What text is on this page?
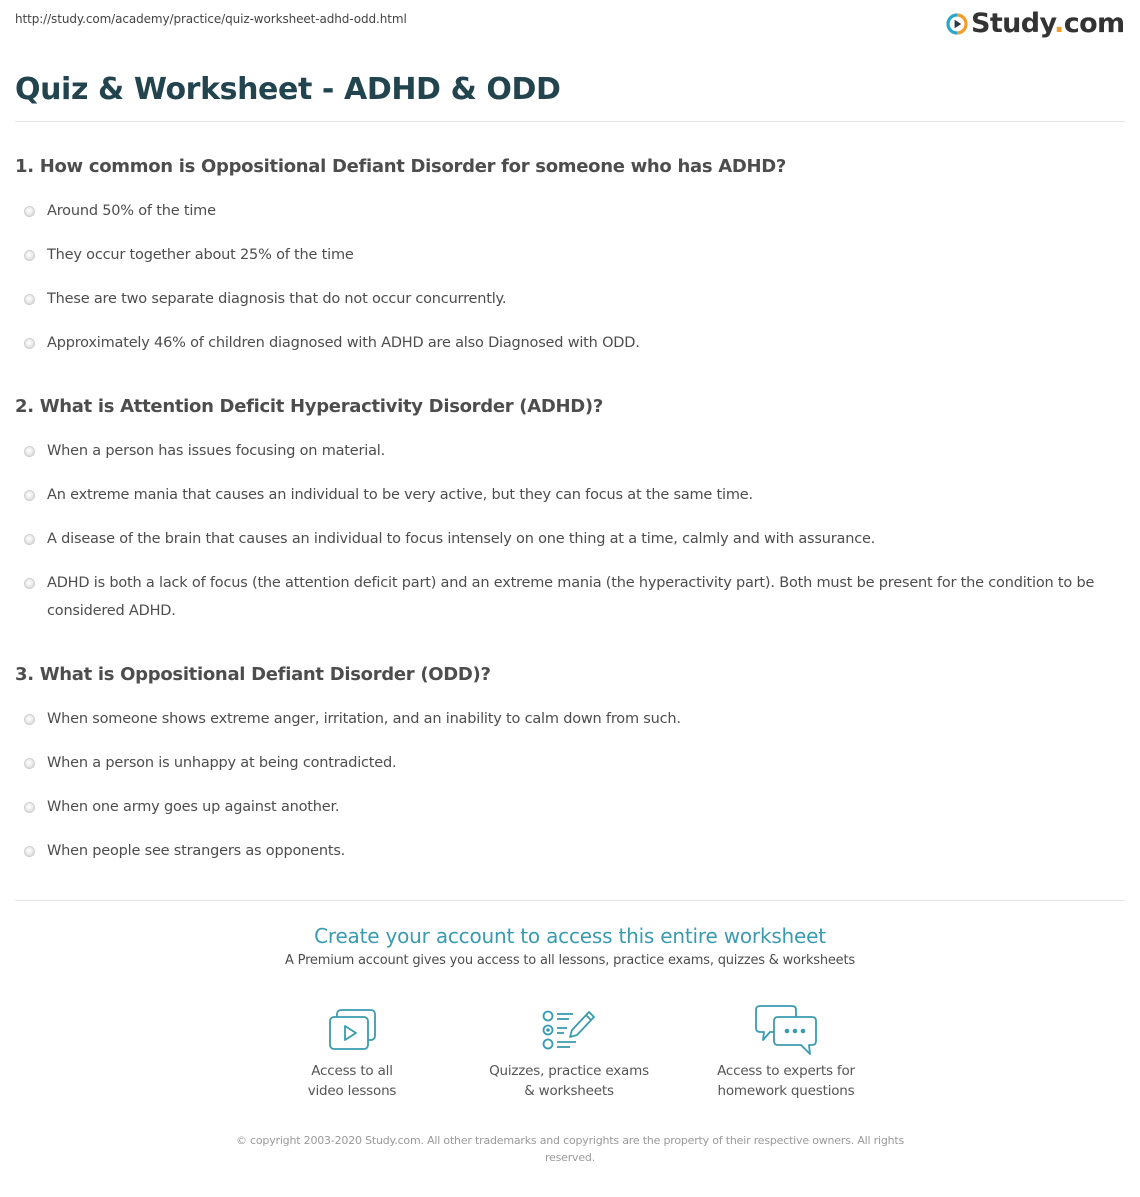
http://study.com/academy/practice/quiz-worksheet-adhd-odd.html	Study.com
Quiz & Worksheet - ADHD & ODD
1. How common is Oppositional Defiant Disorder for someone who has ADHD?
Around 50% of the time
They occur together about 25% of the time
These are two separate diagnosis that do not occur concurrently.
Approximately 46% of children diagnosed with ADHD are also Diagnosed with ODD.
2. What is Attention Deficit Hyperactivity Disorder (ADHD)?
When a person has issues focusing on material.
An extreme mania that causes an individual to be very active, but they can focus at the same time.
A disease of the brain that causes an individual to focus intensely on one thing at a time, calmly and with assurance.
ADHD is both a lack of focus (the attention deficit part) and an extreme mania (the hyperactivity part). Both must be present for the condition to be considered ADHD.
3. What is Oppositional Defiant Disorder (ODD)?
When someone shows extreme anger, irritation, and an inability to calm down from such.
When a person is unhappy at being contradicted.
When one army goes up against another.
When people see strangers as opponents.
Create your account to access this entire worksheet
A Premium account gives you access to all lessons, practice exams, quizzes & worksheets
Access to all
video lessons
Quizzes, practice exams
& worksheets
Access to experts for
homework questions
© copyright 2003-2020 Study.com. All other trademarks and copyrights are the property of their respective owners. All rights reserved.
